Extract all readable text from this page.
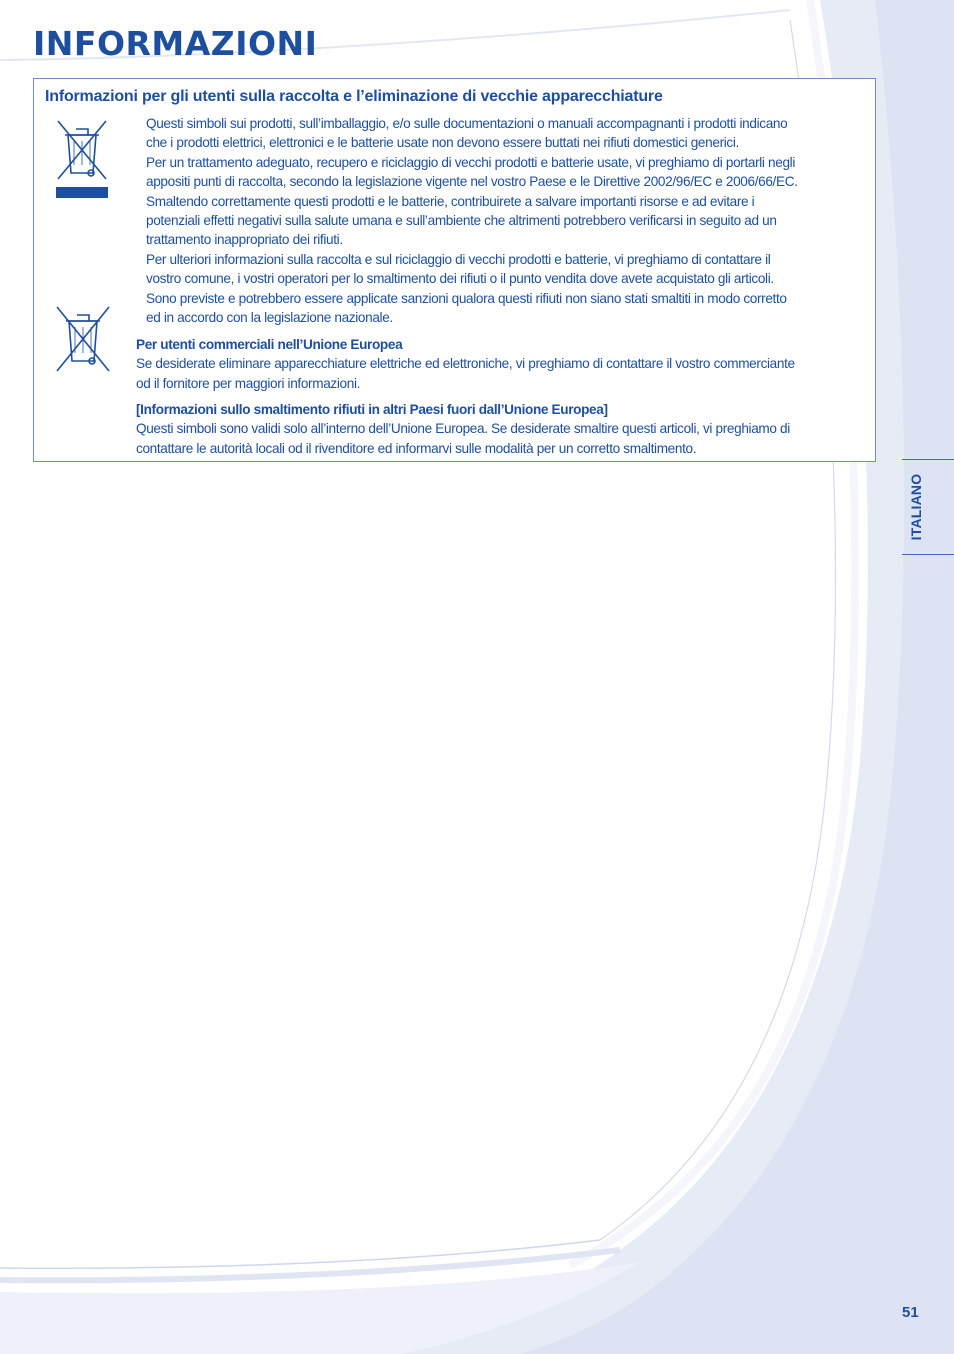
INFORMAZIONI
Informazioni per gli utenti sulla raccolta e l’eliminazione di vecchie apparecchiature
Questi simboli sui prodotti, sull’imballaggio, e/o sulle documentazioni o manuali accompagnanti i prodotti indicano
che i prodotti elettrici, elettronici e le batterie usate non devono essere buttati nei rifiuti domestici generici.
Per un trattamento adeguato, recupero e riciclaggio di vecchi prodotti e batterie usate, vi preghiamo di portarli negli
appositi punti di raccolta, secondo la legislazione vigente nel vostro Paese e le Direttive 2002/96/EC e 2006/66/EC.
Smaltendo correttamente questi prodotti e le batterie, contribuirete a salvare importanti risorse e ad evitare i
potenziali effetti negativi sulla salute umana e sull’ambiente che altrimenti potrebbero verificarsi in seguito ad un
trattamento inappropriato dei rifiuti.
Per ulteriori informazioni sulla raccolta e sul riciclaggio di vecchi prodotti e batterie, vi preghiamo di contattare il
vostro comune, i vostri operatori per lo smaltimento dei rifiuti o il punto vendita dove avete acquistato gli articoli.
Sono previste e potrebbero essere applicate sanzioni qualora questi rifiuti non siano stati smaltiti in modo corretto
ed in accordo con la legislazione nazionale.
Per utenti commerciali nell’Unione Europea
Se desiderate eliminare apparecchiature elettriche ed elettroniche, vi preghiamo di contattare il vostro commerciante
od il fornitore per maggiori informazioni.
[Informazioni sullo smaltimento rifiuti in altri Paesi fuori dall’Unione Europea]
Questi simboli sono validi solo all’interno dell’Unione Europea. Se desiderate smaltire questi articoli, vi preghiamo di
contattare le autorità locali od il rivenditore ed informarvi sulle modalità per un corretto smaltimento.
ITALIANO
51
